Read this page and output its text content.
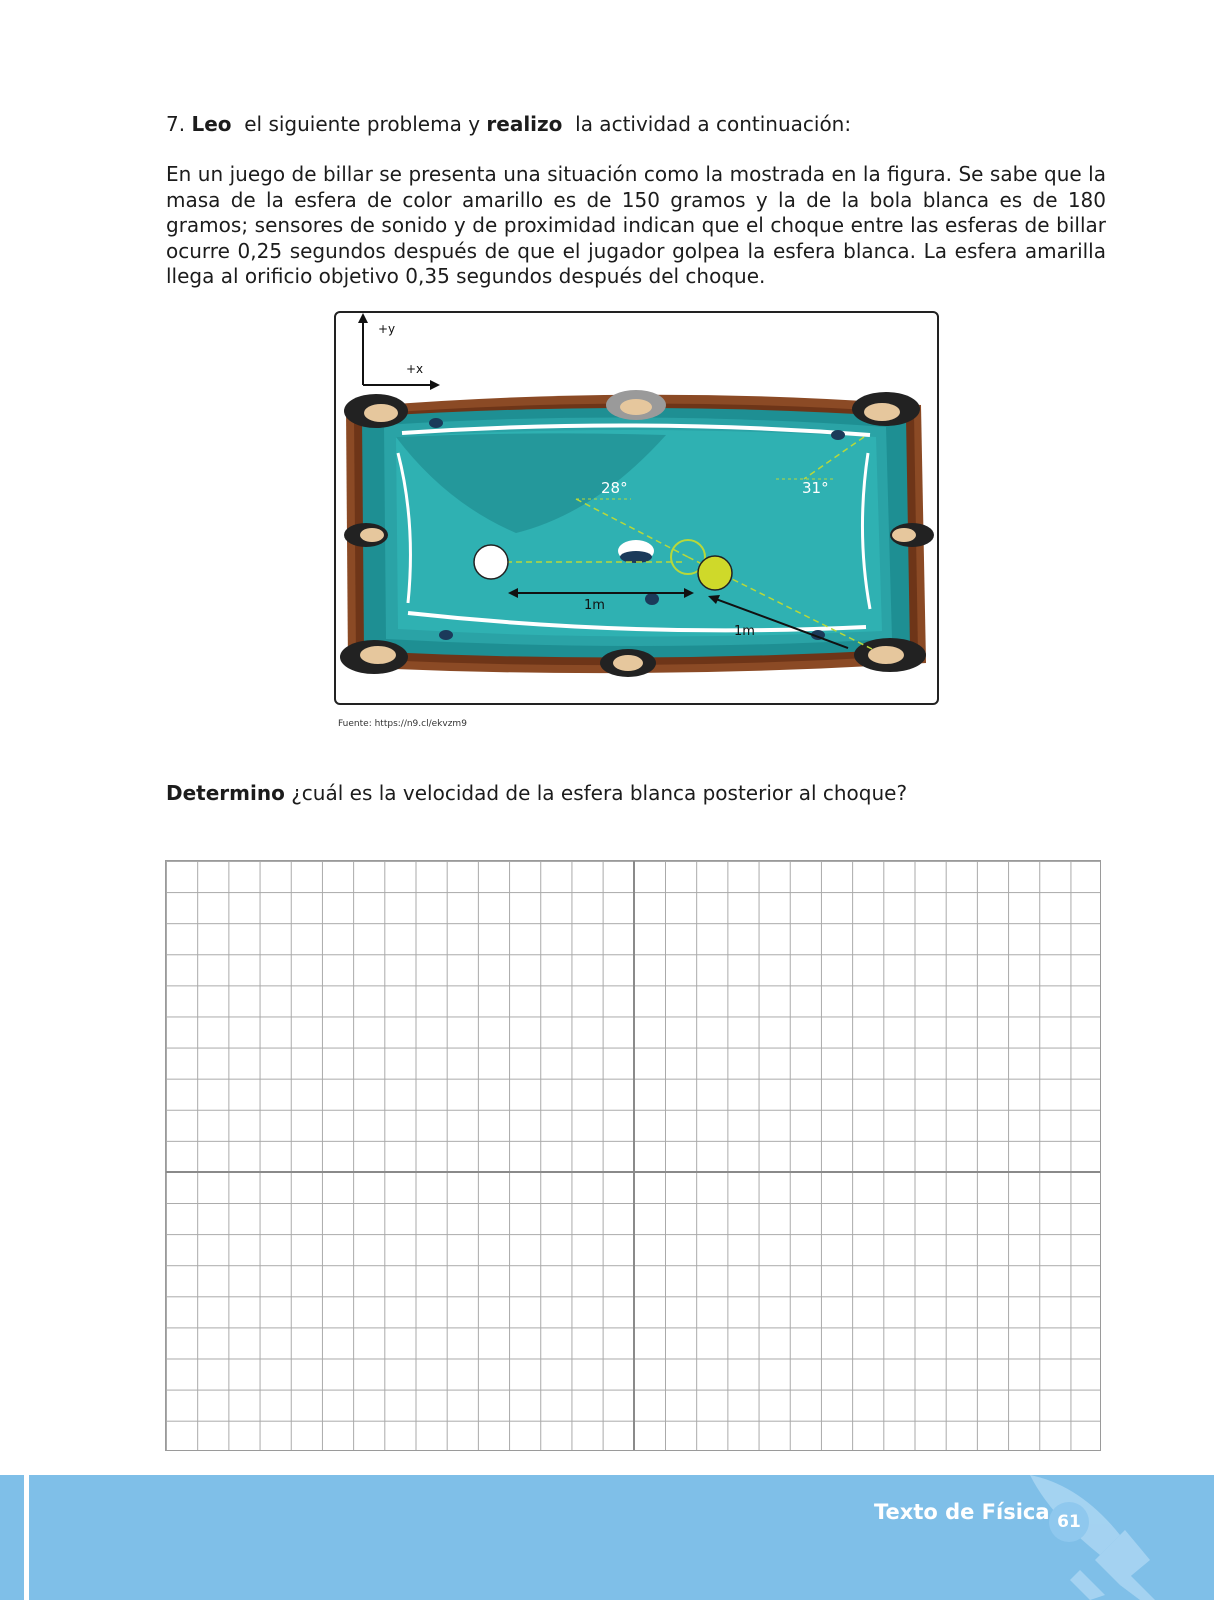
7. Leo el siguiente problema y realizo la actividad a continuación:

En un juego de billar se presenta una situación como la mostrada en la figura. Se sabe que la masa de la esfera de color amarillo es de 150 gramos y la de la bola blanca es de 180 gramos; sensores de sonido y de proximidad indican que el choque entre las esferas de billar ocurre 0,25 segundos después de que el jugador golpea la esfera blanca. La esfera amarilla llega al orificio objetivo 0,35 segundos después del choque.

+y
+x
1m
1m
28°	31°
Fuente: https://n9.cl/ekvzm9

Determino ¿cuál es la velocidad de la esfera blanca posterior al choque?

Texto de Física 61
